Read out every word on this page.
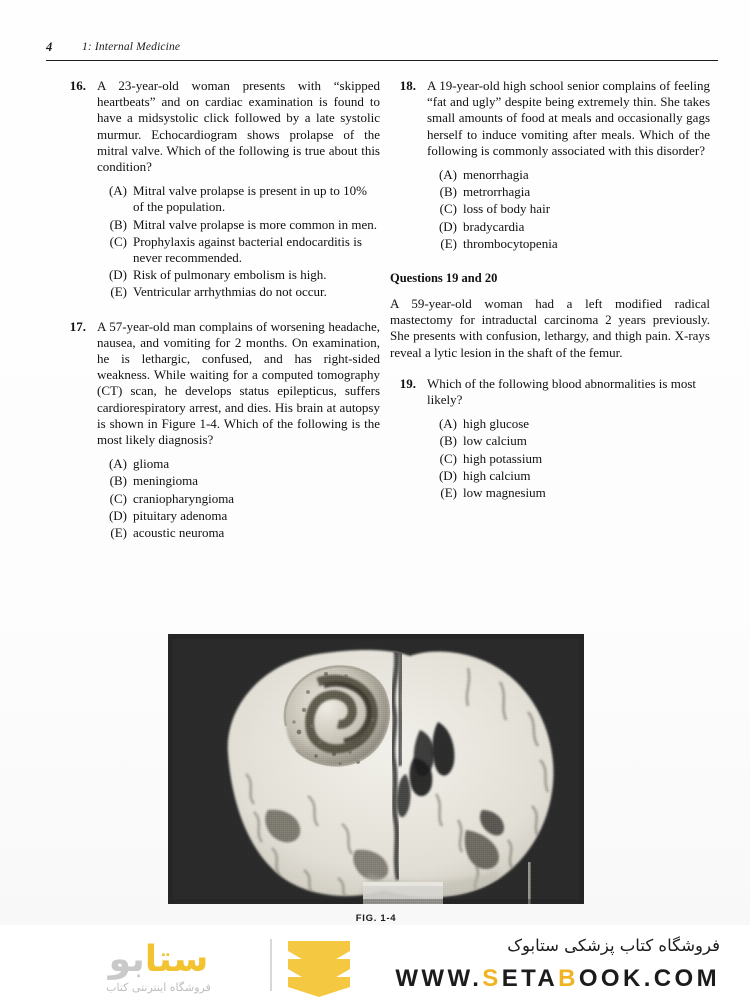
4	1: Internal Medicine
16. A 23-year-old woman presents with “skipped heartbeats” and on cardiac examination is found to have a midsystolic click followed by a late systolic murmur. Echocardiogram shows prolapse of the mitral valve. Which of the following is true about this condition?
(A) Mitral valve prolapse is present in up to 10% of the population.
(B) Mitral valve prolapse is more common in men.
(C) Prophylaxis against bacterial endocarditis is never recommended.
(D) Risk of pulmonary embolism is high.
(E) Ventricular arrhythmias do not occur.
17. A 57-year-old man complains of worsening headache, nausea, and vomiting for 2 months. On examination, he is lethargic, confused, and has right-sided weakness. While waiting for a computed tomography (CT) scan, he develops status epilepticus, suffers cardiorespiratory arrest, and dies. His brain at autopsy is shown in Figure 1-4. Which of the following is the most likely diagnosis?
(A) glioma
(B) meningioma
(C) craniopharyngioma
(D) pituitary adenoma
(E) acoustic neuroma
18. A 19-year-old high school senior complains of feeling “fat and ugly” despite being extremely thin. She takes small amounts of food at meals and occasionally gags herself to induce vomiting after meals. Which of the following is commonly associated with this disorder?
(A) menorrhagia
(B) metrorrhagia
(C) loss of body hair
(D) bradycardia
(E) thrombocytopenia
Questions 19 and 20
A 59-year-old woman had a left modified radical mastectomy for intraductal carcinoma 2 years previously. She presents with confusion, lethargy, and thigh pain. X-rays reveal a lytic lesion in the shaft of the femur.
19. Which of the following blood abnormalities is most likely?
(A) high glucose
(B) low calcium
(C) high potassium
(D) high calcium
(E) low magnesium
FIG. 1-4
ستابو
فروشگاه اینترنتی کتاب
فروشگاه کتاب پزشکی ستابوک
WWW.SETABOOK.COM
